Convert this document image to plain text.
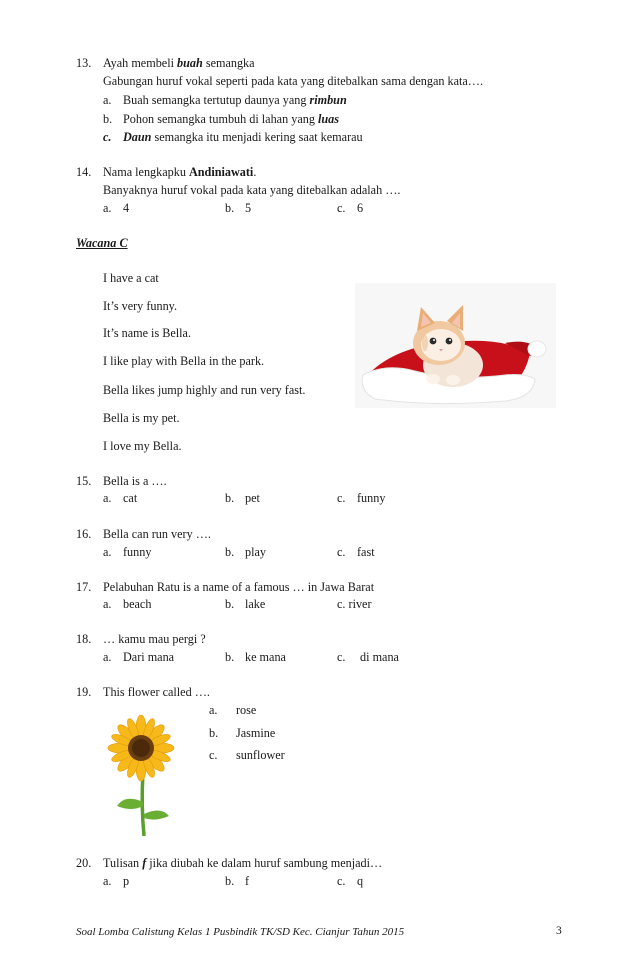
13. Ayah membeli buah semangka
Gabungan huruf vokal seperti pada kata yang ditebalkan sama dengan kata….
a. Buah semangka tertutup daunya yang rimbun
b. Pohon semangka tumbuh di lahan yang luas
c. Daun semangka itu menjadi kering saat kemarau
14. Nama lengkapku Andiniawati.
Banyaknya huruf vokal pada kata yang ditebalkan adalah ….
a. 4	b. 5	c. 6
Wacana C
I have a cat
It’s very funny.
It’s name is Bella.
I like play with Bella in the park.
Bella likes jump highly and run very fast.
Bella is my pet.
I love my Bella.
15. Bella is a ….
a. cat	b. pet	c. funny
16. Bella can run very ….
a. funny	b. play	c. fast
17. Pelabuhan Ratu is a name of a famous … in Jawa Barat
a. beach	b. lake	c. river
18. … kamu mau pergi ?
a. Dari mana	b. ke mana	c. di mana
19. This flower called ….
a. rose
b. Jasmine
c. sunflower
20. Tulisan f jika diubah ke dalam huruf sambung menjadi…
a. p	b. f	c. q
Soal Lomba Calistung Kelas 1 Pusbindik TK/SD Kec. Cianjur Tahun 2015	3
